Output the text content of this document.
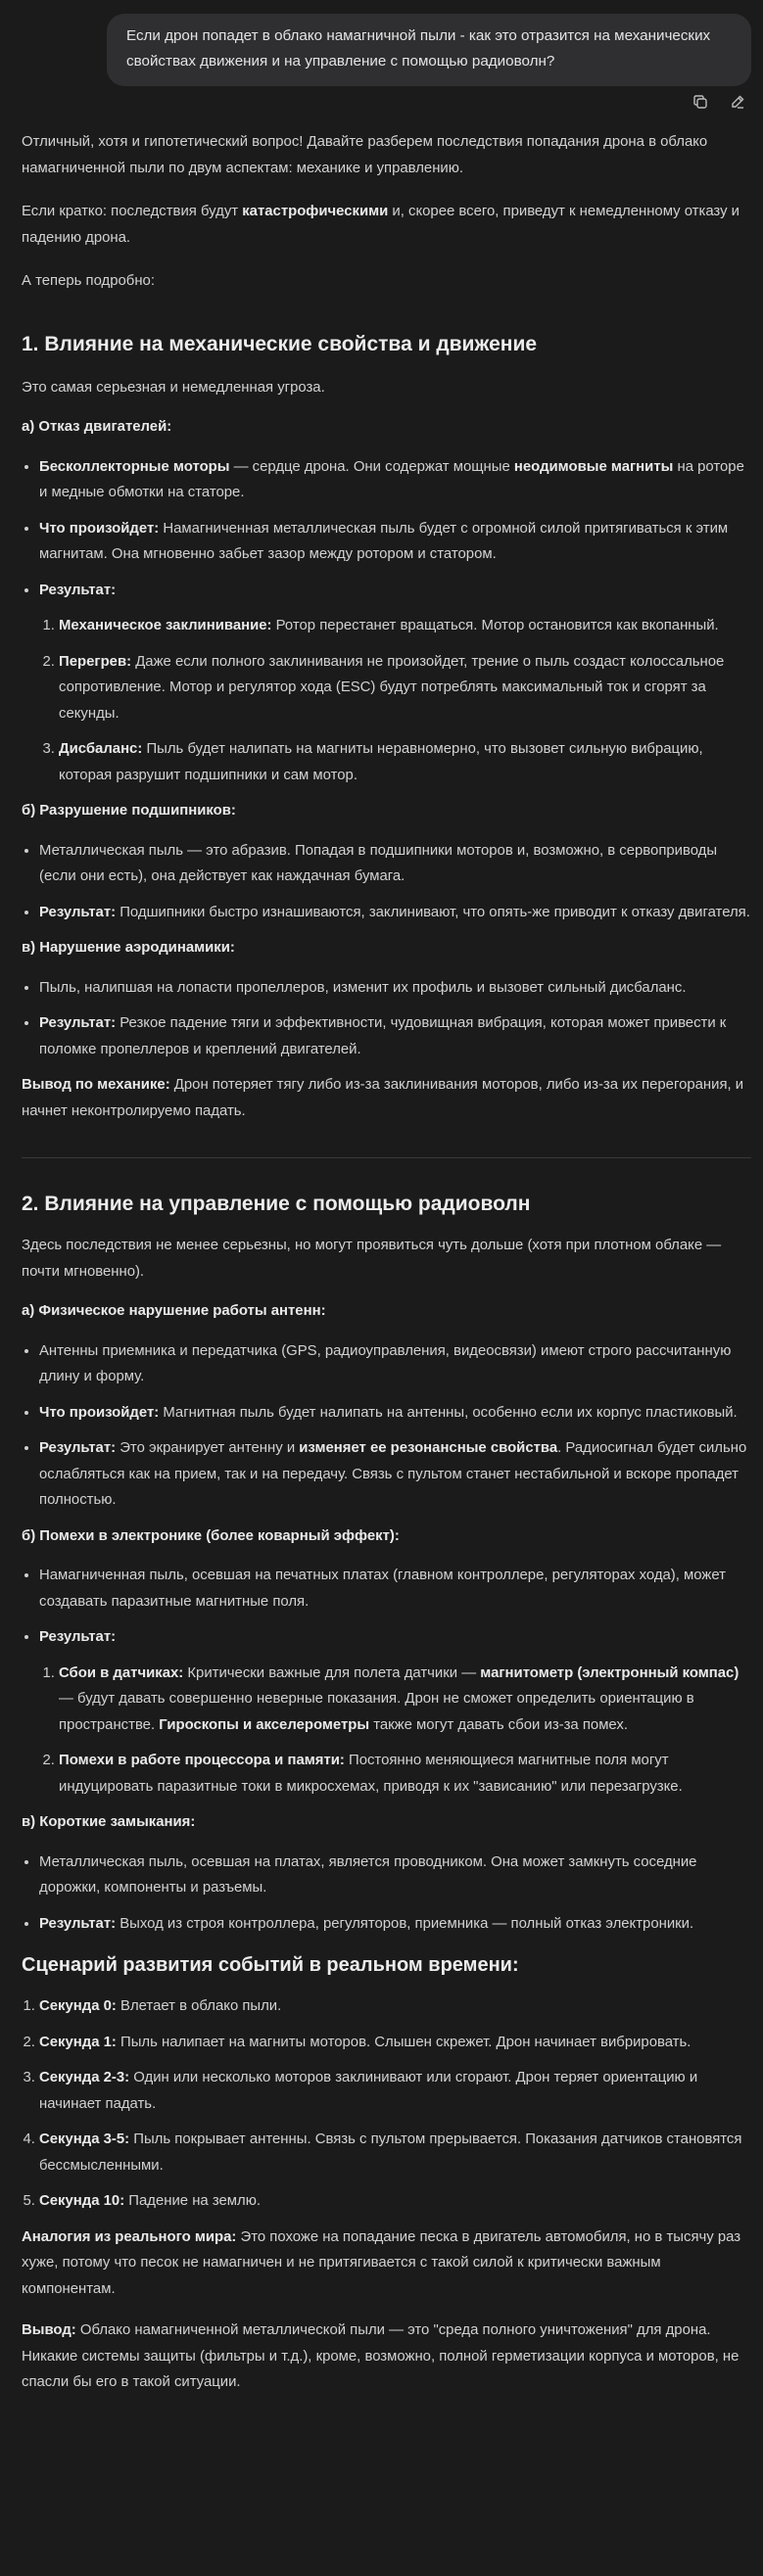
Если дрон попадет в облако намагничной пыли - как это отразится на механических свойствах движения и на управление с помощью радиоволн?

Отличный, хотя и гипотетический вопрос! Давайте разберем последствия попадания дрона в облако намагниченной пыли по двум аспектам: механике и управлению.

Если кратко: последствия будут катастрофическими и, скорее всего, приведут к немедленному отказу и падению дрона.

А теперь подробно:

1. Влияние на механические свойства и движение

Это самая серьезная и немедленная угроза.

а) Отказ двигателей:

• Бесколлекторные моторы — сердце дрона. Они содержат мощные неодимовые магниты на роторе и медные обмотки на статоре.
• Что произойдет: Намагниченная металлическая пыль будет с огромной силой притягиваться к этим магнитам. Она мгновенно забьет зазор между ротором и статором.
• Результат:
1. Механическое заклинивание: Ротор перестанет вращаться. Мотор остановится как вкопанный.
2. Перегрев: Даже если полного заклинивания не произойдет, трение о пыль создаст колоссальное сопротивление. Мотор и регулятор хода (ESC) будут потреблять максимальный ток и сгорят за секунды.
3. Дисбаланс: Пыль будет налипать на магниты неравномерно, что вызовет сильную вибрацию, которая разрушит подшипники и сам мотор.

б) Разрушение подшипников:

• Металлическая пыль — это абразив. Попадая в подшипники моторов и, возможно, в сервоприводы (если они есть), она действует как наждачная бумага.
• Результат: Подшипники быстро изнашиваются, заклинивают, что опять-же приводит к отказу двигателя.

в) Нарушение аэродинамики:

• Пыль, налипшая на лопасти пропеллеров, изменит их профиль и вызовет сильный дисбаланс.
• Результат: Резкое падение тяги и эффективности, чудовищная вибрация, которая может привести к поломке пропеллеров и креплений двигателей.

Вывод по механике: Дрон потеряет тягу либо из-за заклинивания моторов, либо из-за их перегорания, и начнет неконтролируемо падать.

2. Влияние на управление с помощью радиоволн

Здесь последствия не менее серьезны, но могут проявиться чуть дольше (хотя при плотном облаке — почти мгновенно).

а) Физическое нарушение работы антенн:

• Антенны приемника и передатчика (GPS, радиоуправления, видеосвязи) имеют строго рассчитанную длину и форму.
• Что произойдет: Магнитная пыль будет налипать на антенны, особенно если их корпус пластиковый.
• Результат: Это экранирует антенну и изменяет ее резонансные свойства. Радиосигнал будет сильно ослабляться как на прием, так и на передачу. Связь с пультом станет нестабильной и вскоре пропадет полностью.

б) Помехи в электронике (более коварный эффект):

• Намагниченная пыль, осевшая на печатных платах (главном контроллере, регуляторах хода), может создавать паразитные магнитные поля.
• Результат:
1. Сбои в датчиках: Критически важные для полета датчики — магнитометр (электронный компас) — будут давать совершенно неверные показания. Дрон не сможет определить ориентацию в пространстве. Гироскопы и акселерометры также могут давать сбои из-за помех.
2. Помехи в работе процессора и памяти: Постоянно меняющиеся магнитные поля могут индуцировать паразитные токи в микросхемах, приводя к их "зависанию" или перезагрузке.

в) Короткие замыкания:

• Металлическая пыль, осевшая на платах, является проводником. Она может замкнуть соседние дорожки, компоненты и разъемы.
• Результат: Выход из строя контроллера, регуляторов, приемника — полный отказ электроники.
Сценарий развития событий в реальном времени:
1. Секунда 0: Влетает в облако пыли.
2. Секунда 1: Пыль налипает на магниты моторов. Слышен скрежет. Дрон начинает вибрировать.
3. Секунда 2-3: Один или несколько моторов заклинивают или сгорают. Дрон теряет ориентацию и начинает падать.
4. Секунда 3-5: Пыль покрывает антенны. Связь с пультом прерывается. Показания датчиков становятся бессмысленными.
5. Секунда 10: Падение на землю.

Аналогия из реального мира: Это похоже на попадание песка в двигатель автомобиля, но в тысячу раз хуже, потому что песок не намагничен и не притягивается с такой силой к критически важным компонентам.

Вывод: Облако намагниченной металлической пыли — это "среда полного уничтожения" для дрона. Никакие системы защиты (фильтры и т.д.), кроме, возможно, полной герметизации корпуса и моторов, не спасли бы его в такой ситуации.
